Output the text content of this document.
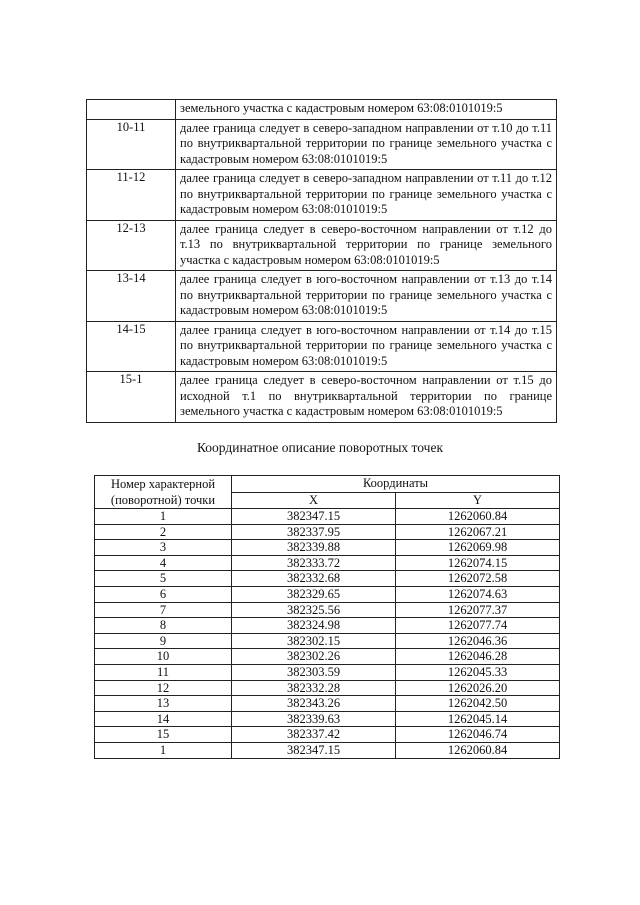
	земельного участка с кадастровым номером 63:08:0101019:5
10-11	далее граница следует в северо-западном направлении от т.10 до т.11 по внутриквартальной территории по границе земельного участка с кадастровым номером 63:08:0101019:5
11-12	далее граница следует в северо-западном направлении от т.11 до т.12 по внутриквартальной территории по границе земельного участка с кадастровым номером 63:08:0101019:5
12-13	далее граница следует в северо-восточном направлении от т.12 до т.13 по внутриквартальной территории по границе земельного участка с кадастровым номером 63:08:0101019:5
13-14	далее граница следует в юго-восточном направлении от т.13 до т.14 по внутриквартальной территории по границе земельного участка с кадастровым номером 63:08:0101019:5
14-15	далее граница следует в юго-восточном направлении от т.14 до т.15 по внутриквартальной территории по границе земельного участка с кадастровым номером 63:08:0101019:5
15-1	далее граница следует в северо-восточном направлении от т.15 до исходной т.1 по внутриквартальной территории по границе земельного участка с кадастровым номером 63:08:0101019:5
Координатное описание поворотных точек
Номер характерной (поворотной) точки	Координаты	
	X	Y
1	382347.15	1262060.84
2	382337.95	1262067.21
3	382339.88	1262069.98
4	382333.72	1262074.15
5	382332.68	1262072.58
6	382329.65	1262074.63
7	382325.56	1262077.37
8	382324.98	1262077.74
9	382302.15	1262046.36
10	382302.26	1262046.28
11	382303.59	1262045.33
12	382332.28	1262026.20
13	382343.26	1262042.50
14	382339.63	1262045.14
15	382337.42	1262046.74
1	382347.15	1262060.84
